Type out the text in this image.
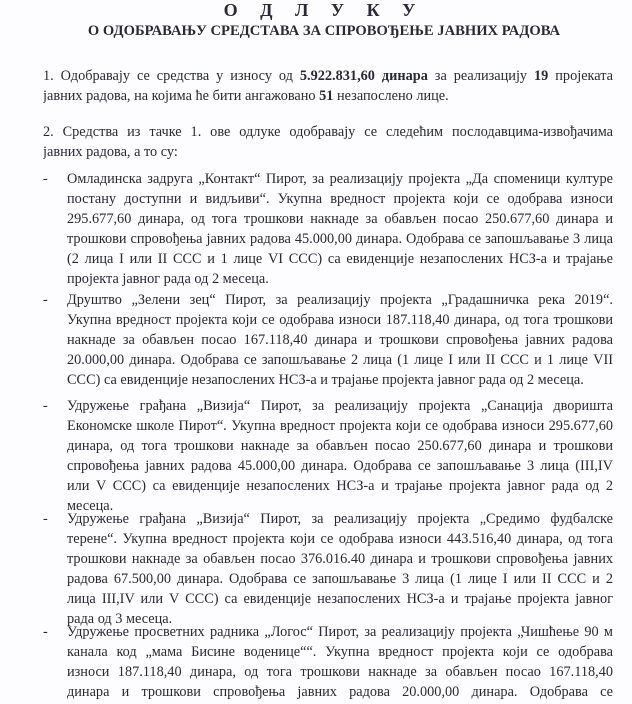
О Д Л У К У
О ОДОБРАВАЊУ СРЕДСТАВА ЗА СПРОВОЂЕЊЕ ЈАВНИХ РАДОВА
1. Одобравају се средства у износу од 5.922.831,60 динара за реализацију 19 пројеката
јавних радова, на којима ће бити ангажовано 51 незапослено лице.
2. Средства из тачке 1. ове одлуке одобравају се следећим послодавцима-извођачима
јавних радова, а то су:
- Омладинска задруга „Контакт“ Пирот, за реализацију пројекта „Да споменици културе
постану доступни и видљиви“. Укупна вредност пројекта који се одобрава износи
295.677,60 динара, од тога трошкови накнаде за обављен посао 250.677,60 динара и
трошкови спровођења јавних радова 45.000,00 динара. Одобрава се запошљавање 3 лица
(2 лица I или II ССС и 1 лице VI ССС) са евиденције незапослених НСЗ-а и трајање
пројекта јавног рада од 2 месеца.
- Друштво „Зелени зец“ Пирот, за реализацију пројекта „Градашничка река 2019“.
Укупна вредност пројекта који се одобрава износи 187.118,40 динара, од тога трошкови
накнаде за обављен посао 167.118,40 динара и трошкови спровођења јавних радова
20.000,00 динара. Одобрава се запошљавање 2 лица (1 лице I или II ССС и 1 лице VII
ССС) са евиденције незапослених НСЗ-а и трајање пројекта јавног рада од 2 месеца.
- Удружење грађана „Визија“ Пирот, за реализацију пројекта „Санација дворишта
Економске школе Пирот“. Укупна вредност пројекта који се одобрава износи 295.677,60
динара, од тога трошкови накнаде за обављен посао 250.677,60 динара и трошкови
спровођења јавних радова 45.000,00 динара. Одобрава се запошљавање 3 лица (III,IV
или V ССС) са евиденције незапослених НСЗ-а и трајање пројекта јавног рада од 2
месеца.
- Удружење грађана „Визија“ Пирот, за реализацију пројекта „Средимо фудбалске
терене“. Укупна вредност пројекта који се одобрава износи 443.516,40 динара, од тога
трошкови накнаде за обављен посао 376.016.40 динара и трошкови спровођења јавних
радова 67.500,00 динара. Одобрава се запошљавање 3 лица (1 лице I или II ССС и 2
лица III,IV или V ССС) са евиденције незапослених НСЗ-а и трајање пројекта јавног
рада од 3 месеца.
- Удружење просветних радника „Логос“ Пирот, за реализацију пројекта „Чишћење 90 м
канала код „мама Бисине воденице““. Укупна вредност пројекта који се одобрава
износи 187.118,40 динара, од тога трошкови накнаде за обављен посао 167.118,40
динара и трошкови спровођења јавних радова 20.000,00 динара. Одобрава се
